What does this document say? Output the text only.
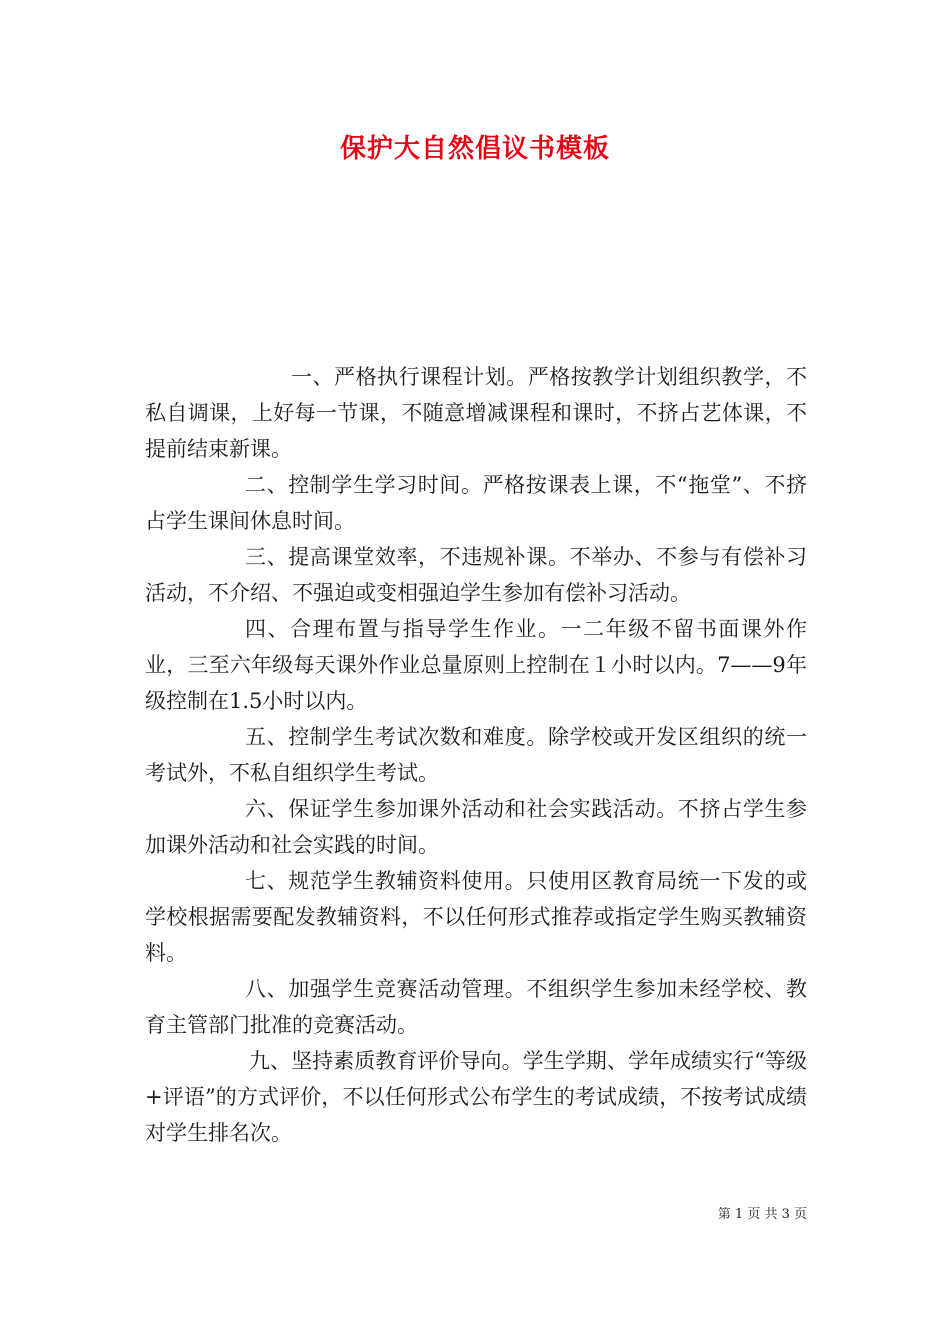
保护大自然倡议书模板

一、严格执行课程计划。严格按教学计划组织教学，不私自调课，上好每一节课，不随意增减课程和课时，不挤占艺体课，不提前结束新课。

二、控制学生学习时间。严格按课表上课，不“拖堂”、不挤占学生课间休息时间。

三、提高课堂效率，不违规补课。不举办、不参与有偿补习活动，不介绍、不强迫或变相强迫学生参加有偿补习活动。

四、合理布置与指导学生作业。一二年级不留书面课外作业，三至六年级每天课外作业总量原则上控制在１小时以内。7——9年级控制在1.5小时以内。

五、控制学生考试次数和难度。除学校或开发区组织的统一考试外，不私自组织学生考试。

六、保证学生参加课外活动和社会实践活动。不挤占学生参加课外活动和社会实践的时间。

七、规范学生教辅资料使用。只使用区教育局统一下发的或学校根据需要配发教辅资料，不以任何形式推荐或指定学生购买教辅资料。

八、加强学生竞赛活动管理。不组织学生参加未经学校、教育主管部门批准的竞赛活动。

九、坚持素质教育评价导向。学生学期、学年成绩实行“等级+评语”的方式评价，不以任何形式公布学生的考试成绩，不按考试成绩对学生排名次。

第 1 页 共 3 页
